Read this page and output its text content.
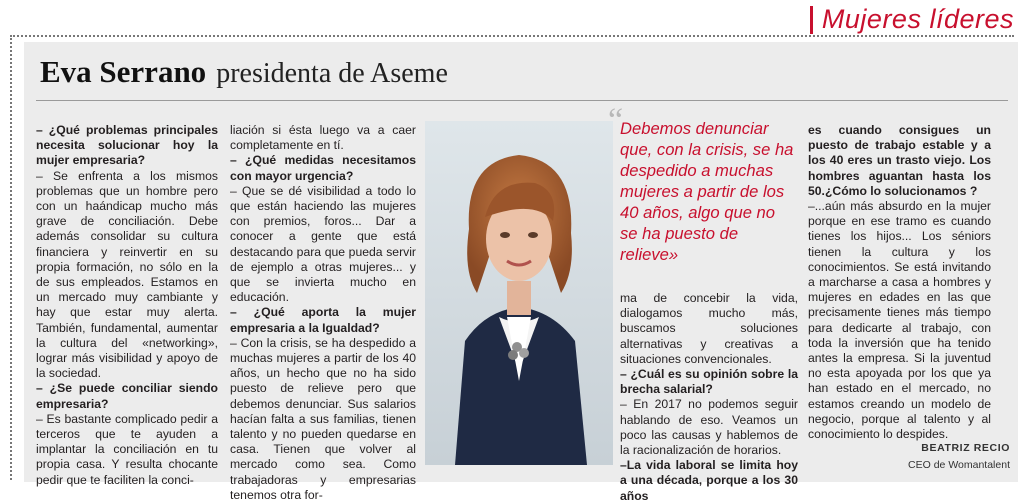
Mujeres líderes
Eva Serrano presidenta de Aseme

– ¿Qué problemas principales necesita solucionar hoy la mujer empresaria?

– Se enfrenta a los mismos problemas que un hombre pero con un haándicap mucho más grave de conciliación. Debe además consolidar su cultura financiera y reinvertir en su propia formación, no sólo en la de sus empleados. Estamos en un mercado muy cambiante y hay que estar muy alerta. También, fundamental, aumentar la cultura del «networking», lograr más visibilidad y apoyo de la sociedad.

– ¿Se puede conciliar siendo empresaria?

– Es bastante complicado pedir a terceros que te ayuden a implantar la conciliación en tu propia casa. Y resulta chocante pedir que te faciliten la conci-

liación si ésta luego va a caer completamente en tí.

– ¿Qué medidas necesitamos con mayor urgencia?

– Que se dé visibilidad a todo lo que están haciendo las mujeres con premios, foros... Dar a conocer a gente que está destacando para que pueda servir de ejemplo a otras mujeres... y que se invierta mucho en educación.

– ¿Qué aporta la mujer empresaria a la Igualdad?

– Con la crisis, se ha despedido a muchas mujeres a partir de los 40 años, un hecho que no ha sido puesto de relieve pero que debemos denunciar. Sus salarios hacían falta a sus familias, tienen talento y no pueden quedarse en casa. Tienen que volver al mercado como sea. Como trabajadoras y empresarias tenemos otra for-

“
Debemos denunciar que, con la crisis, se ha despedido a muchas mujeres a partir de los 40 años, algo que no se ha puesto de relieve»

ma de concebir la vida, dialogamos mucho más, buscamos soluciones alternativas y creativas a situaciones convencionales.

– ¿Cuál es su opinión sobre la brecha salarial?

– En 2017 no podemos seguir hablando de eso. Veamos un poco las causas y hablemos de la racionalización de horarios.

–La vida laboral se limita hoy a una década, porque a los 30 años

es cuando consigues un puesto de trabajo estable y a los 40 eres un trasto viejo. Los hombres aguantan hasta los 50.¿Cómo lo solucionamos ?

–...aún más absurdo en la mujer porque en ese tramo es cuando tienes los hijos... Los séniors tienen la cultura y los conocimientos. Se está invitando a marcharse a casa a hombres y mujeres en edades en las que precisamente tienes más tiempo para dedicarte al trabajo, con toda la inversión que ha tenido antes la empresa. Si la juventud no esta apoyada por los que ya han estado en el mercado, no estamos creando un modelo de negocio, porque al talento y al conocimiento lo despides.

BEATRIZ RECIO
CEO de Womantalent
